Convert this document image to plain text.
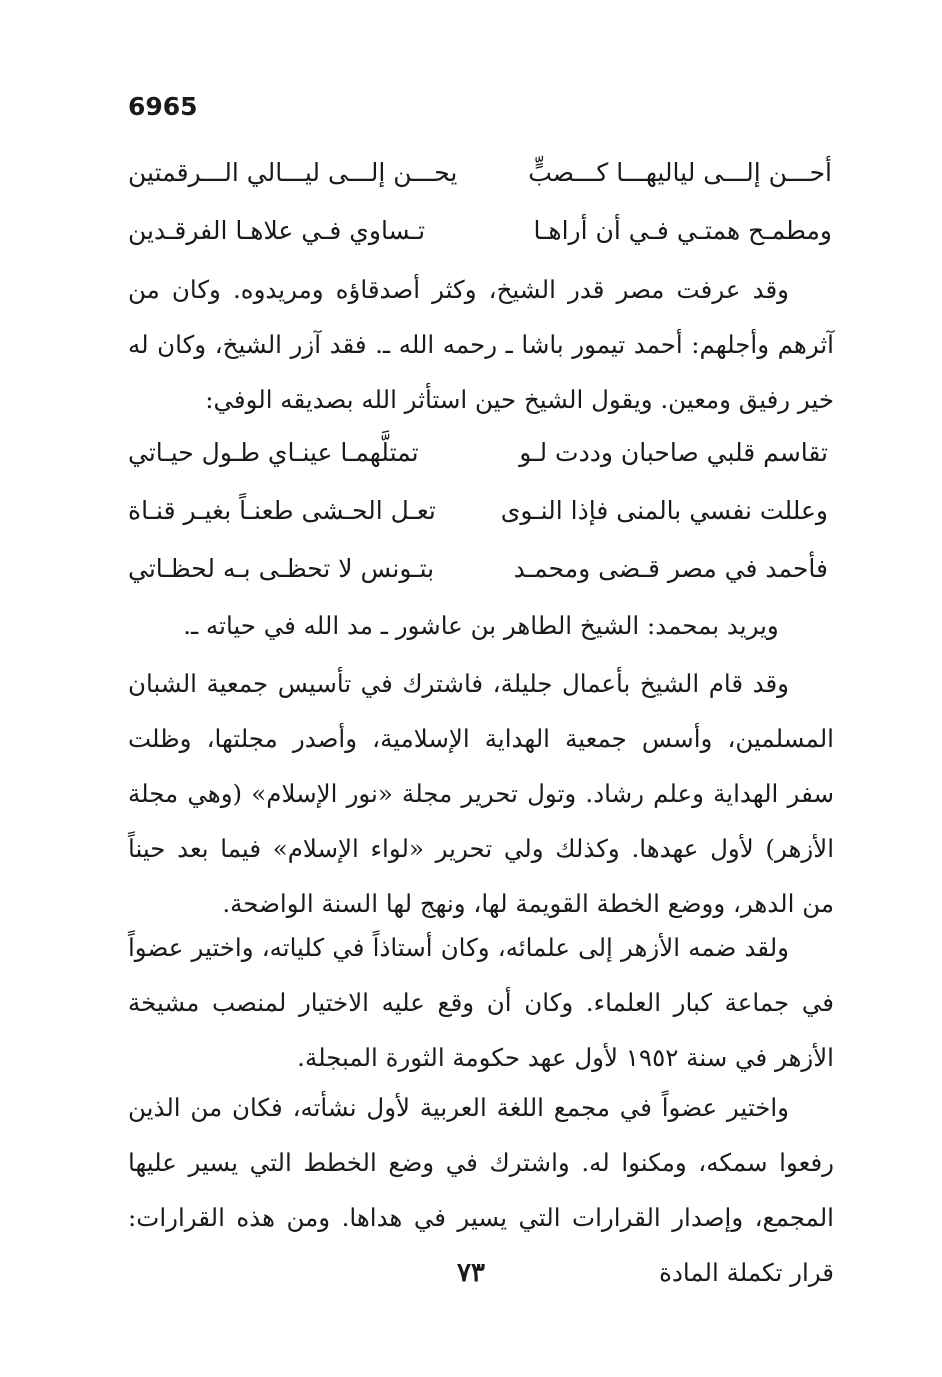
6965
أحـــن إلـــى لياليهـــا كـــصبٍّ
يحـــن إلـــى ليـــالي الـــرقمتين
ومطمـح همتـي فـي أن أراهـا
تـساوي فـي علاهـا الفرقـدين
وقد عرفت مصر قدر الشيخ، وكثر أصدقاؤه ومريدوه. وكان من آثرهم وأجلهم: أحمد تيمور باشا ـ رحمه الله ـ. فقد آزر الشيخ، وكان له خير رفيق ومعين. ويقول الشيخ حين استأثر الله بصديقه الوفي:
تقاسم قلبي صاحبان وددت لـو
تمتلَّهمـا عينـاي طـول حيـاتي
وعللت نفسي بالمنى فإذا النـوى
تعـل الحـشى طعنـاً بغيـر قنـاة
فأحمد في مصر قـضى ومحمـد
بتـونس لا تحظـى بـه لحظـاتي
ويريد بمحمد: الشيخ الطاهر بن عاشور ـ مد الله في حياته ـ.
وقد قام الشيخ بأعمال جليلة، فاشترك في تأسيس جمعية الشبان المسلمين، وأسس جمعية الهداية الإسلامية، وأصدر مجلتها، وظلت سفر الهداية وعلم رشاد. وتول تحرير مجلة «نور الإسلام» (وهي مجلة الأزهر) لأول عهدها. وكذلك ولي تحرير «لواء الإسلام» فيما بعد حيناً من الدهر، ووضع الخطة القويمة لها، ونهج لها السنة الواضحة.
ولقد ضمه الأزهر إلى علمائه، وكان أستاذاً في كلياته، واختير عضواً في جماعة كبار العلماء. وكان أن وقع عليه الاختيار لمنصب مشيخة الأزهر في سنة ١٩٥٢ لأول عهد حكومة الثورة المبجلة.
واختير عضواً في مجمع اللغة العربية لأول نشأته، فكان من الذين رفعوا سمكه، ومكنوا له. واشترك في وضع الخطط التي يسير عليها المجمع، وإصدار القرارات التي يسير في هداها. ومن هذه القرارات: قرار تكملة المادة
٧٣
